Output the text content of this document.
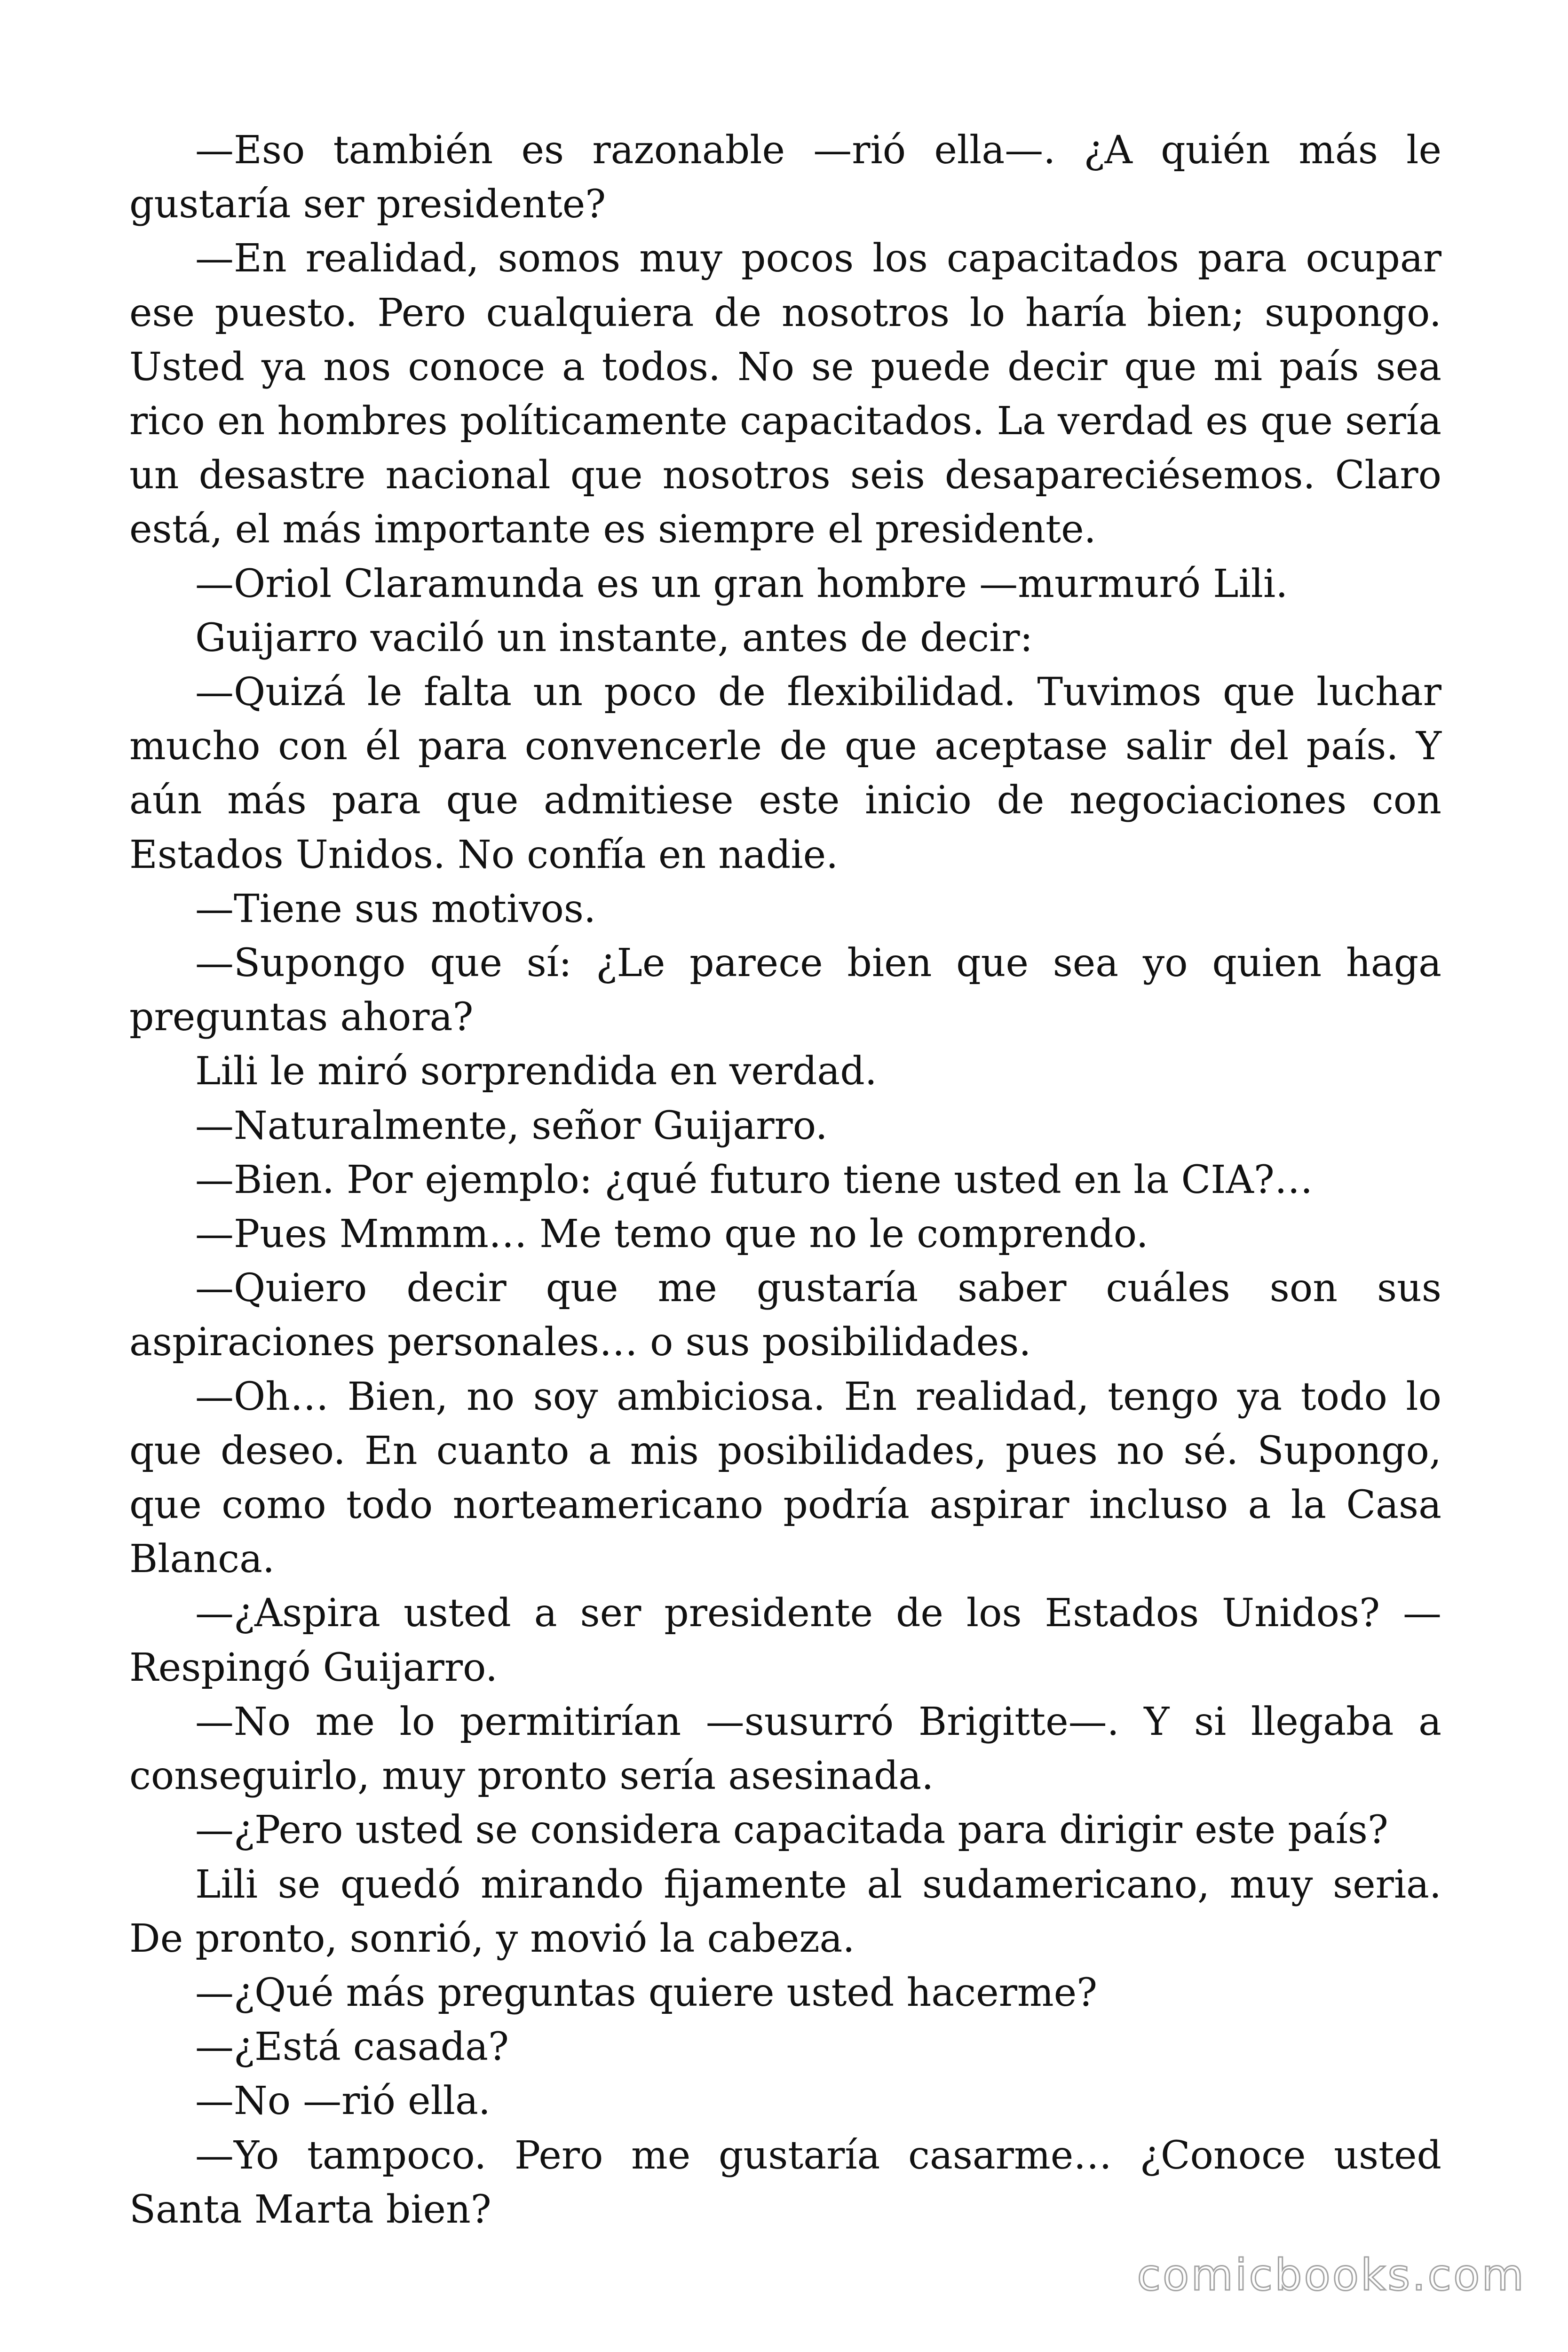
—Eso también es razonable —rió ella—. ¿A quién más le gustaría ser presidente?

—En realidad, somos muy pocos los capacitados para ocupar ese puesto. Pero cualquiera de nosotros lo haría bien; supongo. Usted ya nos conoce a todos. No se puede decir que mi país sea rico en hombres políticamente capacitados. La verdad es que sería un desastre nacional que nosotros seis desapareciésemos. Claro está, el más importante es siempre el presidente.

—Oriol Claramunda es un gran hombre —murmuró Lili.

Guijarro vaciló un instante, antes de decir:

—Quizá le falta un poco de flexibilidad. Tuvimos que luchar mucho con él para convencerle de que aceptase salir del país. Y aún más para que admitiese este inicio de negociaciones con Estados Unidos. No confía en nadie.

—Tiene sus motivos.

—Supongo que sí: ¿Le parece bien que sea yo quien haga preguntas ahora?

Lili le miró sorprendida en verdad.

—Naturalmente, señor Guijarro.

—Bien. Por ejemplo: ¿qué futuro tiene usted en la CIA?…

—Pues Mmmm… Me temo que no le comprendo.

—Quiero decir que me gustaría saber cuáles son sus aspiraciones personales… o sus posibilidades.

—Oh… Bien, no soy ambiciosa. En realidad, tengo ya todo lo que deseo. En cuanto a mis posibilidades, pues no sé. Supongo, que como todo norteamericano podría aspirar incluso a la Casa Blanca.

—¿Aspira usted a ser presidente de los Estados Unidos? — Respingó Guijarro.

—No me lo permitirían —susurró Brigitte—. Y si llegaba a conseguirlo, muy pronto sería asesinada.

—¿Pero usted se considera capacitada para dirigir este país?

Lili se quedó mirando fijamente al sudamericano, muy seria. De pronto, sonrió, y movió la cabeza.

—¿Qué más preguntas quiere usted hacerme?

—¿Está casada?

—No —rió ella.

—Yo tampoco. Pero me gustaría casarme… ¿Conoce usted Santa Marta bien?

comicbooks.com
